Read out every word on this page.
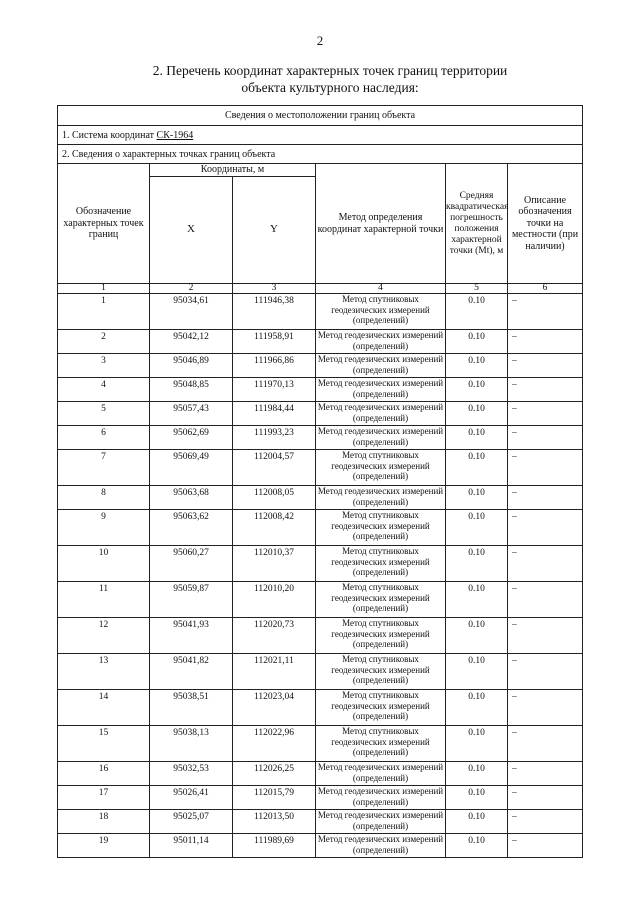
2
2. Перечень координат характерных точек границ территории
объекта культурного наследия:
Сведения о местоположении границ объекта					
1. Система координат СК-1964					
2. Сведения о характерных точках границ объекта					
Обозначение характерных точек границ	Координаты, м		Метод определения координат характерной точки	Средняя квадратическая погрешность положения характерной точки (Мt), м	Описание обозначения точки на местности (при наличии)
	X	Y			
1	2	3	4	5	6
1	95034,61	111946,38	Метод спутниковых геодезических измерений (определений)	0.10	–
2	95042,12	111958,91	Метод геодезических измерений (определений)	0.10	–
3	95046,89	111966,86	Метод геодезических измерений (определений)	0.10	–
4	95048,85	111970,13	Метод геодезических измерений (определений)	0.10	–
5	95057,43	111984,44	Метод геодезических измерений (определений)	0.10	–
6	95062,69	111993,23	Метод геодезических измерений (определений)	0.10	–
7	95069,49	112004,57	Метод спутниковых геодезических измерений (определений)	0.10	–
8	95063,68	112008,05	Метод геодезических измерений (определений)	0.10	–
9	95063,62	112008,42	Метод спутниковых геодезических измерений (определений)	0.10	–
10	95060,27	112010,37	Метод спутниковых геодезических измерений (определений)	0.10	–
11	95059,87	112010,20	Метод спутниковых геодезических измерений (определений)	0.10	–
12	95041,93	112020,73	Метод спутниковых геодезических измерений (определений)	0.10	–
13	95041,82	112021,11	Метод спутниковых геодезических измерений (определений)	0.10	–
14	95038,51	112023,04	Метод спутниковых геодезических измерений (определений)	0.10	–
15	95038,13	112022,96	Метод спутниковых геодезических измерений (определений)	0.10	–
16	95032,53	112026,25	Метод геодезических измерений (определений)	0.10	–
17	95026,41	112015,79	Метод геодезических измерений (определений)	0.10	–
18	95025,07	112013,50	Метод геодезических измерений (определений)	0.10	–
19	95011,14	111989,69	Метод геодезических измерений (определений)	0.10	–
